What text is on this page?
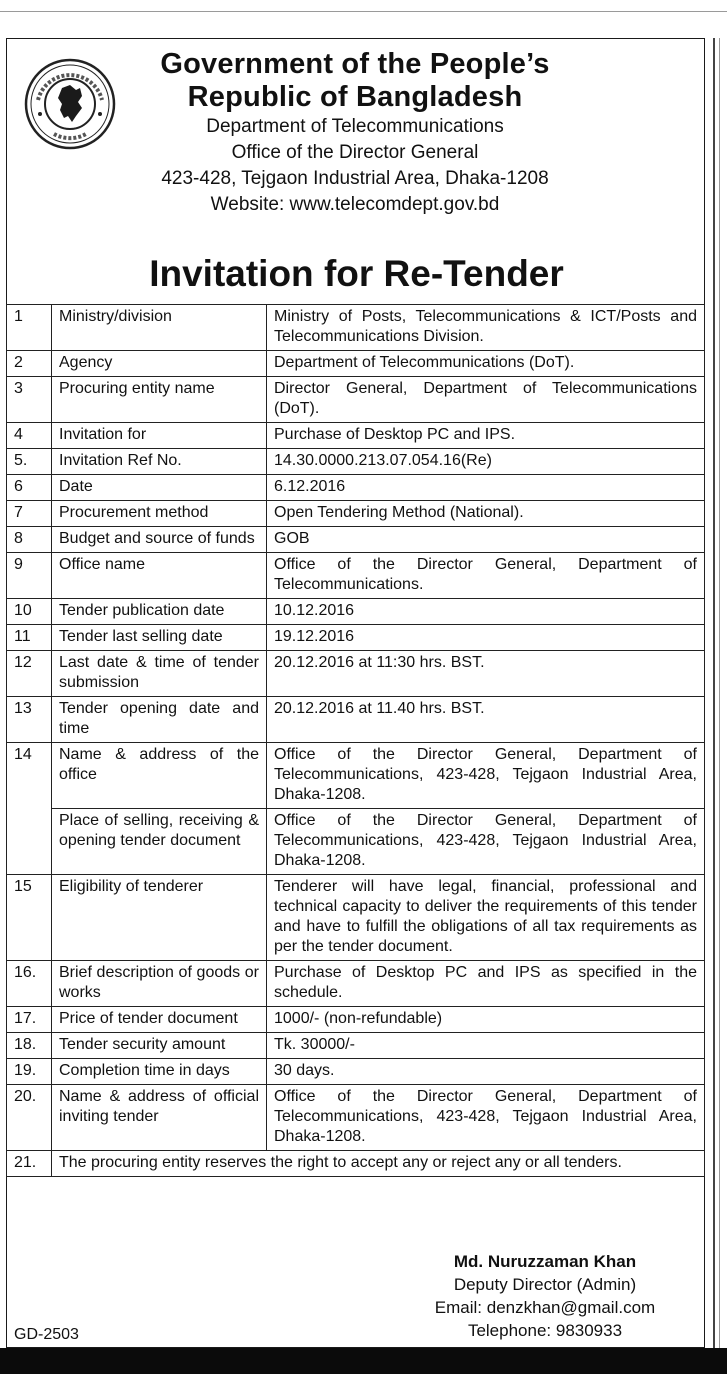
Government of the People’s
Republic of Bangladesh
Department of Telecommunications
Office of the Director General
423-428, Tejgaon Industrial Area, Dhaka-1208
Website: www.telecomdept.gov.bd
Invitation for Re-Tender
1	Ministry/division	Ministry of Posts, Telecommunications & ICT/Posts and Telecommunications Division.
2	Agency	Department of Telecommunications (DoT).
3	Procuring entity name	Director General, Department of Telecommunications (DoT).
4	Invitation for	Purchase of Desktop PC and IPS.
5.	Invitation Ref No.	14.30.0000.213.07.054.16(Re)
6	Date	6.12.2016
7	Procurement method	Open Tendering Method (National).
8	Budget and source of funds	GOB
9	Office name	Office of the Director General, Department of Telecommunications.
10	Tender publication date	10.12.2016
11	Tender last selling date	19.12.2016
12	Last date & time of tender submission	20.12.2016 at 11:30 hrs. BST.
13	Tender opening date and time	20.12.2016 at 11.40 hrs. BST.
14	Name & address of the office	Office of the Director General, Department of Telecommunications, 423-428, Tejgaon Industrial Area, Dhaka-1208.
	Place of selling, receiving & opening tender document	Office of the Director General, Department of Telecommunications, 423-428, Tejgaon Industrial Area, Dhaka-1208.
15	Eligibility of tenderer	Tenderer will have legal, financial, professional and technical capacity to deliver the requirements of this tender and have to fulfill the obligations of all tax requirements as per the tender document.
16.	Brief description of goods or works	Purchase of Desktop PC and IPS as specified in the schedule.
17.	Price of tender document	1000/- (non-refundable)
18.	Tender security amount	Tk. 30000/-
19.	Completion time in days	30 days.
20.	Name & address of official inviting tender	Office of the Director General, Department of Telecommunications, 423-428, Tejgaon Industrial Area, Dhaka-1208.
21.	The procuring entity reserves the right to accept any or reject any or all tenders.	
Md. Nuruzzaman Khan
Deputy Director (Admin)
Email: denzkhan@gmail.com
Telephone: 9830933
GD-2503
